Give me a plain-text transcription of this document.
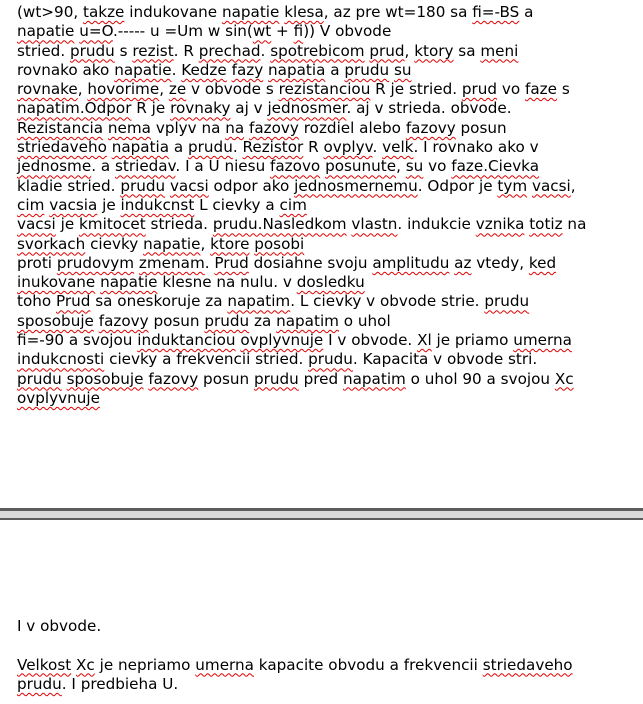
(wt>90, takze indukovane napatie klesa, az pre wt=180 sa fi=-BS a
napatie u=O.----- u =Um w sin(wt + fi)) V obvode
stried. prudu s rezist. R prechad. spotrebicom prud, ktory sa meni
rovnako ako napatie. Kedze fazy napatia a prudu su
rovnake, hovorime, ze v obvode s rezistanciou R je stried. prud vo faze s
napatim.Odpor R je rovnaky aj v jednosmer. aj v strieda. obvode.
Rezistancia nema vplyv na na fazovy rozdiel alebo fazovy posun
striedaveho napatia a prudu. Rezistor R ovplyv. velk. I rovnako ako v
jednosme. a striedav. I a U niesu fazovo posunute, su vo faze.Cievka
kladie stried. prudu vacsi odpor ako jednosmernemu. Odpor je tym vacsi,
cim vacsia je indukcnst L cievky a cim
vacsi je kmitocet strieda. prudu.Nasledkom vlastn. indukcie vznika totiz na
svorkach cievky napatie, ktore posobi
proti prudovym zmenam. Prud dosiahne svoju amplitudu az vtedy, ked
inukovane napatie klesne na nulu. v dosledku
toho Prud sa oneskoruje za napatim. L cievky v obvode strie. prudu
sposobuje fazovy posun prudu za napatim o uhol
fi=-90 a svojou induktanciou ovplyvnuje I v obvode. Xl je priamo umerna
indukcnosti cievky a frekvencii stried. prudu. Kapacita v obvode stri.
prudu sposobuje fazovy posun prudu pred napatim o uhol 90 a svojou Xc
ovplyvnuje
I v obvode.
Velkost Xc je nepriamo umerna kapacite obvodu a frekvencii striedaveho
prudu. I predbieha U.
